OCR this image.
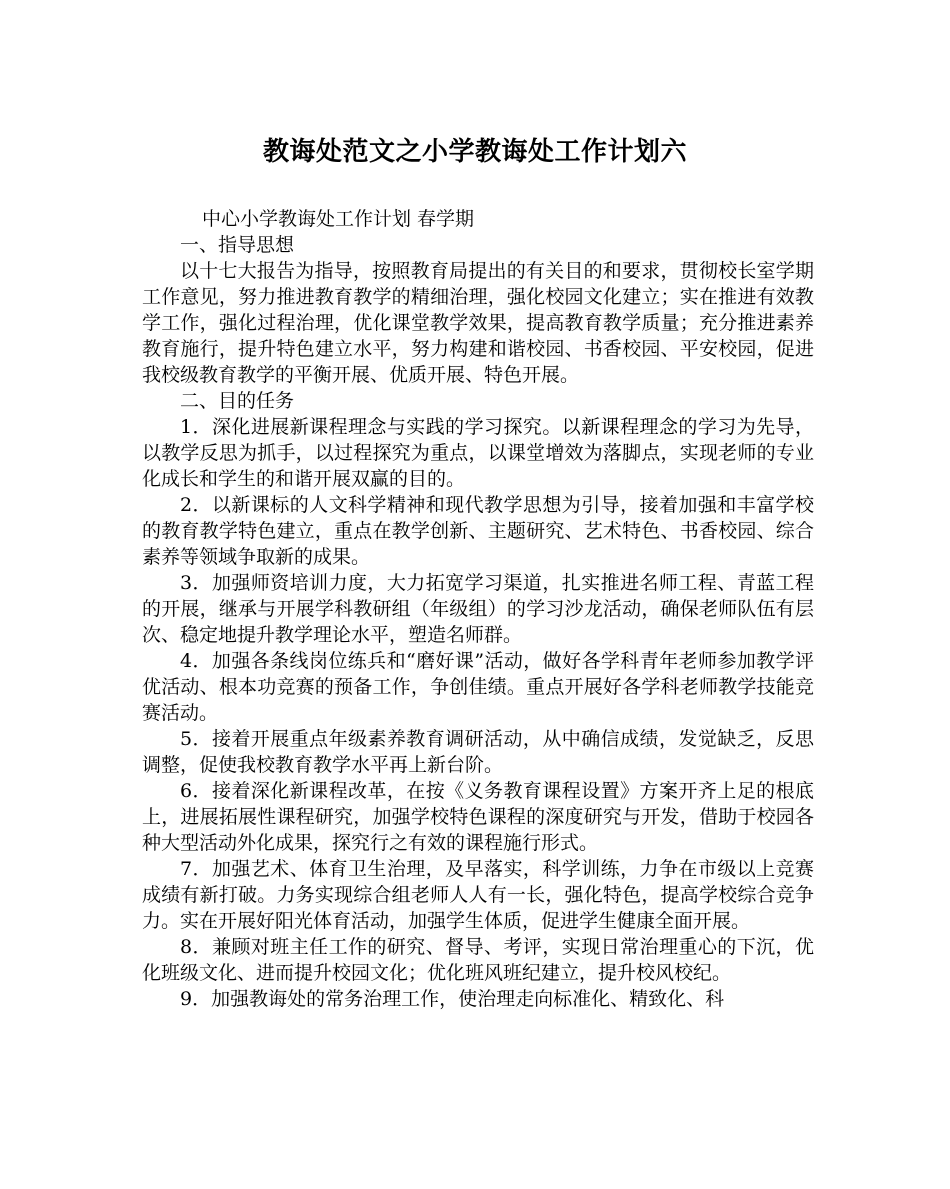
教诲处范文之小学教诲处工作计划六

中心小学教诲处工作计划 春学期

一、指导思想

以十七大报告为指导，按照教育局提出的有关目的和要求，贯彻校长室学期工作意见，努力推进教育教学的精细治理，强化校园文化建立；实在推进有效教学工作，强化过程治理，优化课堂教学效果，提高教育教学质量；充分推进素养教育施行，提升特色建立水平，努力构建和谐校园、书香校园、平安校园，促进我校级教育教学的平衡开展、优质开展、特色开展。

二、目的任务

1．深化进展新课程理念与实践的学习探究。以新课程理念的学习为先导，以教学反思为抓手，以过程探究为重点，以课堂增效为落脚点，实现老师的专业化成长和学生的和谐开展双赢的目的。

2．以新课标的人文科学精神和现代教学思想为引导，接着加强和丰富学校的教育教学特色建立，重点在教学创新、主题研究、艺术特色、书香校园、综合素养等领域争取新的成果。

3．加强师资培训力度，大力拓宽学习渠道，扎实推进名师工程、青蓝工程的开展，继承与开展学科教研组（年级组）的学习沙龙活动，确保老师队伍有层次、稳定地提升教学理论水平，塑造名师群。

4．加强各条线岗位练兵和“磨好课”活动，做好各学科青年老师参加教学评优活动、根本功竞赛的预备工作，争创佳绩。重点开展好各学科老师教学技能竞赛活动。

5．接着开展重点年级素养教育调研活动，从中确信成绩，发觉缺乏，反思调整，促使我校教育教学水平再上新台阶。

6．接着深化新课程改革，在按《义务教育课程设置》方案开齐上足的根底上，进展拓展性课程研究，加强学校特色课程的深度研究与开发，借助于校园各种大型活动外化成果，探究行之有效的课程施行形式。

7．加强艺术、体育卫生治理，及早落实，科学训练，力争在市级以上竞赛成绩有新打破。力务实现综合组老师人人有一长，强化特色，提高学校综合竞争力。实在开展好阳光体育活动，加强学生体质，促进学生健康全面开展。

8．兼顾对班主任工作的研究、督导、考评，实现日常治理重心的下沉，优化班级文化、进而提升校园文化；优化班风班纪建立，提升校风校纪。

9．加强教诲处的常务治理工作，使治理走向标准化、精致化、科
